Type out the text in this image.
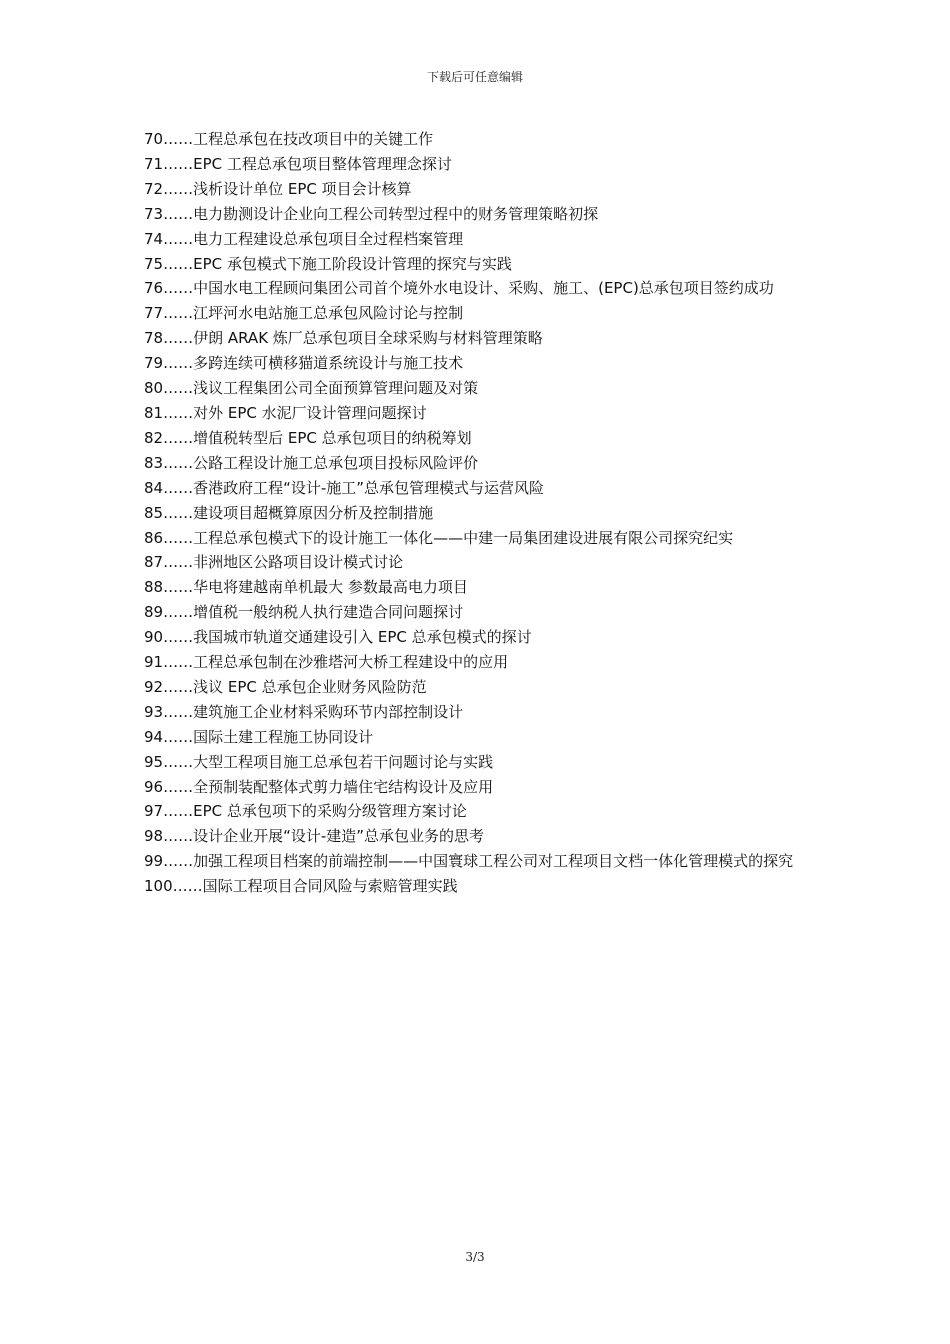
下载后可任意编辑
70……工程总承包在技改项目中的关键工作
71……EPC 工程总承包项目整体管理理念探讨
72……浅析设计单位 EPC 项目会计核算
73……电力勘测设计企业向工程公司转型过程中的财务管理策略初探
74……电力工程建设总承包项目全过程档案管理
75……EPC 承包模式下施工阶段设计管理的探究与实践
76……中国水电工程顾问集团公司首个境外水电设计、采购、施工、(EPC)总承包项目签约成功
77……江坪河水电站施工总承包风险讨论与控制
78……伊朗 ARAK 炼厂总承包项目全球采购与材料管理策略
79……多跨连续可横移猫道系统设计与施工技术
80……浅议工程集团公司全面预算管理问题及对策
81……对外 EPC 水泥厂设计管理问题探讨
82……增值税转型后 EPC 总承包项目的纳税筹划
83……公路工程设计施工总承包项目投标风险评价
84……香港政府工程“设计-施工”总承包管理模式与运营风险
85……建设项目超概算原因分析及控制措施
86……工程总承包模式下的设计施工一体化——中建一局集团建设进展有限公司探究纪实
87……非洲地区公路项目设计模式讨论
88……华电将建越南单机最大 参数最高电力项目
89……增值税一般纳税人执行建造合同问题探讨
90……我国城市轨道交通建设引入 EPC 总承包模式的探讨
91……工程总承包制在沙雅塔河大桥工程建设中的应用
92……浅议 EPC 总承包企业财务风险防范
93……建筑施工企业材料采购环节内部控制设计
94……国际土建工程施工协同设计
95……大型工程项目施工总承包若干问题讨论与实践
96……全预制装配整体式剪力墙住宅结构设计及应用
97……EPC 总承包项下的采购分级管理方案讨论
98……设计企业开展“设计-建造”总承包业务的思考
99……加强工程项目档案的前端控制——中国寰球工程公司对工程项目文档一体化管理模式的探究
100……国际工程项目合同风险与索赔管理实践
3/3
